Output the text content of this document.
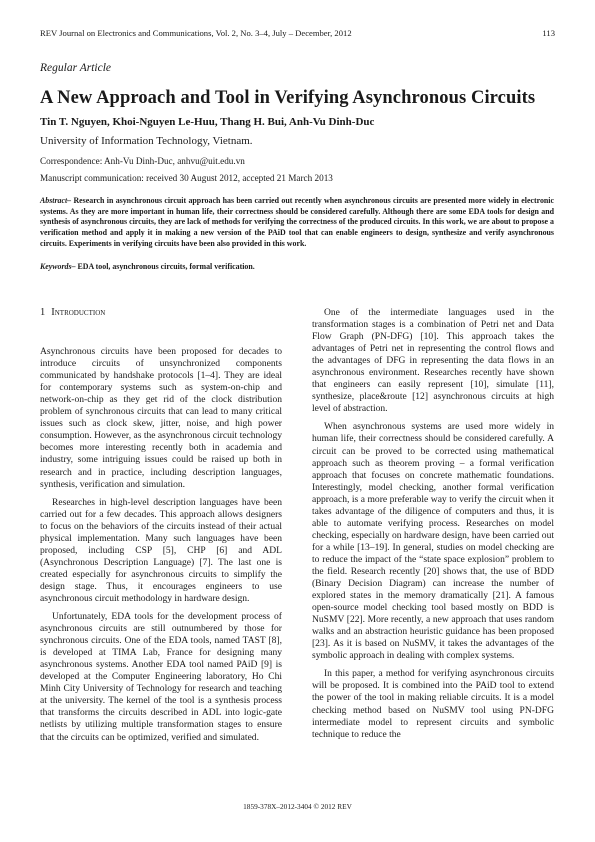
REV Journal on Electronics and Communications, Vol. 2, No. 3–4, July – December, 2012	113
Regular Article
A New Approach and Tool in Verifying Asynchronous Circuits
Tin T. Nguyen, Khoi-Nguyen Le-Huu, Thang H. Bui, Anh-Vu Dinh-Duc
University of Information Technology, Vietnam.
Correspondence: Anh-Vu Dinh-Duc, anhvu@uit.edu.vn
Manuscript communication: received 30 August 2012, accepted 21 March 2013
Abstract– Research in asynchronous circuit approach has been carried out recently when asynchronous circuits are presented more widely in electronic systems. As they are more important in human life, their correctness should be considered carefully. Although there are some EDA tools for design and synthesis of asynchronous circuits, they are lack of methods for verifying the correctness of the produced circuits. In this work, we are about to propose a verification method and apply it in making a new version of the PAiD tool that can enable engineers to design, synthesize and verify asynchronous circuits. Experiments in verifying circuits have been also provided in this work.
Keywords– EDA tool, asynchronous circuits, formal verification.
1 Introduction

Asynchronous circuits have been proposed for decades to introduce circuits of unsynchronized components communicated by handshake protocols [1–4]. They are ideal for contemporary systems such as system-on-chip and network-on-chip as they get rid of the clock distribution problem of synchronous circuits that can lead to many critical issues such as clock skew, jitter, noise, and high power consumption. However, as the asynchronous circuit technology becomes more interesting recently both in academia and industry, some intriguing issues could be raised up both in research and in practice, including description languages, synthesis, verification and simulation.

Researches in high-level description languages have been carried out for a few decades. This approach allows designers to focus on the behaviors of the circuits instead of their actual physical implementation. Many such languages have been proposed, including CSP [5], CHP [6] and ADL (Asynchronous Description Language) [7]. The last one is created especially for asynchronous circuits to simplify the design stage. Thus, it encourages engineers to use asynchronous circuit methodology in hardware design.

Unfortunately, EDA tools for the development process of asynchronous circuits are still outnumbered by those for synchronous circuits. One of the EDA tools, named TAST [8], is developed at TIMA Lab, France for designing many asynchronous systems. Another EDA tool named PAiD [9] is developed at the Computer Engineering laboratory, Ho Chi Minh City University of Technology for research and teaching at the university. The kernel of the tool is a synthesis process that transforms the circuits described in ADL into logic-gate netlists by utilizing multiple transformation stages to ensure that the circuits can be optimized, verified and simulated.

One of the intermediate languages used in the transformation stages is a combination of Petri net and Data Flow Graph (PN-DFG) [10]. This approach takes the advantages of Petri net in representing the control flows and the advantages of DFG in representing the data flows in an asynchronous environment. Researches recently have shown that engineers can easily represent [10], simulate [11], synthesize, place&route [12] asynchronous circuits at high level of abstraction.

When asynchronous systems are used more widely in human life, their correctness should be considered carefully. A circuit can be proved to be corrected using mathematical approach such as theorem proving – a formal verification approach that focuses on concrete mathematic foundations. Interestingly, model checking, another formal verification approach, is a more preferable way to verify the circuit when it takes advantage of the diligence of computers and thus, it is able to automate verifying process. Researches on model checking, especially on hardware design, have been carried out for a while [13–19]. In general, studies on model checking are to reduce the impact of the “state space explosion” problem to the field. Research recently [20] shows that, the use of BDD (Binary Decision Diagram) can increase the number of explored states in the memory dramatically [21]. A famous open-source model checking tool based mostly on BDD is NuSMV [22]. More recently, a new approach that uses random walks and an abstraction heuristic guidance has been proposed [23]. As it is based on NuSMV, it takes the advantages of the symbolic approach in dealing with complex systems.

In this paper, a method for verifying asynchronous circuits will be proposed. It is combined into the PAiD tool to extend the power of the tool in making reliable circuits. It is a model checking method based on NuSMV tool using PN-DFG intermediate model to represent circuits and symbolic technique to reduce the

1859-378X–2012-3404 © 2012 REV
